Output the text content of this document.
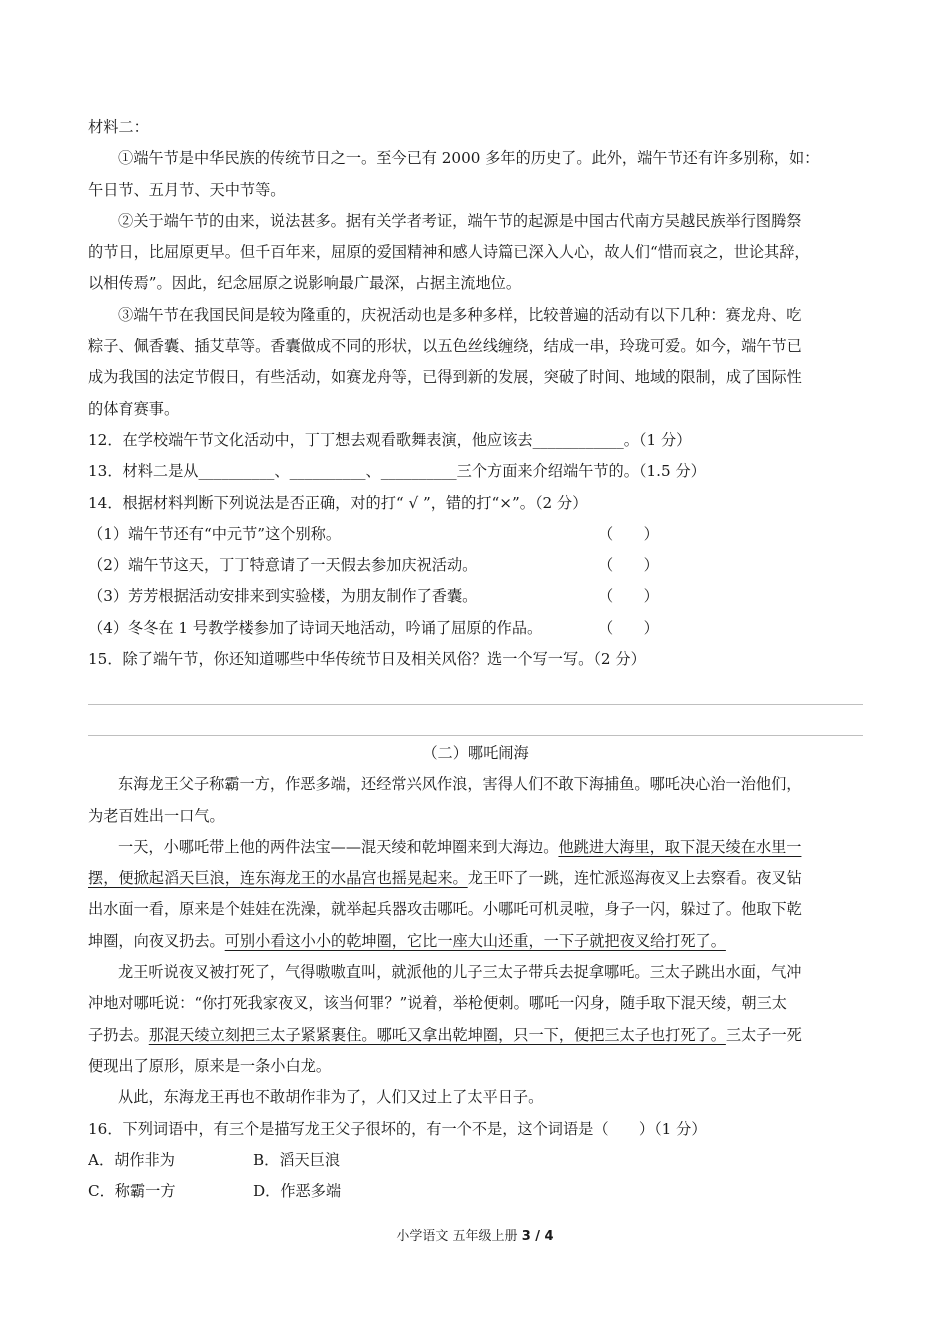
材料二：
①端午节是中华民族的传统节日之一。至今已有 2000 多年的历史了。此外，端午节还有许多别称，如：
午日节、五月节、天中节等。
②关于端午节的由来，说法甚多。据有关学者考证，端午节的起源是中国古代南方吴越民族举行图腾祭
的节日，比屈原更早。但千百年来，屈原的爱国精神和感人诗篇已深入人心，故人们“惜而哀之，世论其辞，
以相传焉”。因此，纪念屈原之说影响最广最深，占据主流地位。
③端午节在我国民间是较为隆重的，庆祝活动也是多种多样，比较普遍的活动有以下几种：赛龙舟、吃
粽子、佩香囊、插艾草等。香囊做成不同的形状，以五色丝线缠绕，结成一串，玲珑可爱。如今，端午节已
成为我国的法定节假日，有些活动，如赛龙舟等，已得到新的发展，突破了时间、地域的限制，成了国际性
的体育赛事。
12．在学校端午节文化活动中，丁丁想去观看歌舞表演，他应该去____________。（1 分）
13．材料二是从__________、__________、__________三个方面来介绍端午节的。（1.5 分）
14．根据材料判断下列说法是否正确，对的打“ √ ”，错的打“×”。（2 分）
（1）端午节还有“中元节”这个别称。	（　　）
（2）端午节这天，丁丁特意请了一天假去参加庆祝活动。	（　　）
（3）芳芳根据活动安排来到实验楼，为朋友制作了香囊。	（　　）
（4）冬冬在 1 号教学楼参加了诗词天地活动，吟诵了屈原的作品。	（　　）
15．除了端午节，你还知道哪些中华传统节日及相关风俗？选一个写一写。（2 分）
（二）哪吒闹海
东海龙王父子称霸一方，作恶多端，还经常兴风作浪，害得人们不敢下海捕鱼。哪吒决心治一治他们，
为老百姓出一口气。
一天，小哪吒带上他的两件法宝——混天绫和乾坤圈来到大海边。他跳进大海里，取下混天绫在水里一
摆，便掀起滔天巨浪，连东海龙王的水晶宫也摇晃起来。龙王吓了一跳，连忙派巡海夜叉上去察看。夜叉钻
出水面一看，原来是个娃娃在洗澡，就举起兵器攻击哪吒。小哪吒可机灵啦，身子一闪，躲过了。他取下乾
坤圈，向夜叉扔去。可别小看这小小的乾坤圈，它比一座大山还重，一下子就把夜叉给打死了。
龙王听说夜叉被打死了，气得嗷嗷直叫，就派他的儿子三太子带兵去捉拿哪吒。三太子跳出水面，气冲
冲地对哪吒说：“你打死我家夜叉，该当何罪？”说着，举枪便刺。哪吒一闪身，随手取下混天绫，朝三太
子扔去。那混天绫立刻把三太子紧紧裹住。哪吒又拿出乾坤圈，只一下，便把三太子也打死了。三太子一死
便现出了原形，原来是一条小白龙。
从此，东海龙王再也不敢胡作非为了，人们又过上了太平日子。
16．下列词语中，有三个是描写龙王父子很坏的，有一个不是，这个词语是（　　）（1 分）
A．胡作非为	B．滔天巨浪
C．称霸一方	D．作恶多端
小学语文 五年级上册 3 / 4
